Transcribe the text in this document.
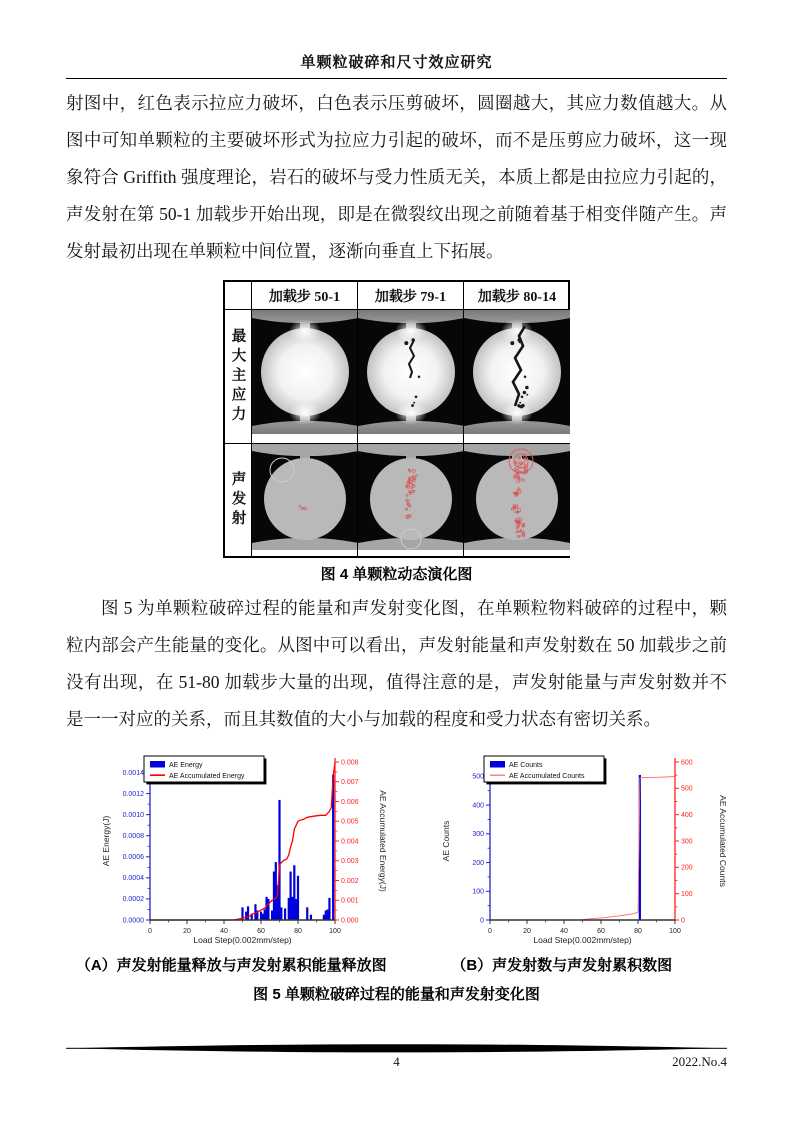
单颗粒破碎和尺寸效应研究

射图中，红色表示拉应力破坏，白色表示压剪破坏，圆圈越大，其应力数值越大。从图中可知单颗粒的主要破坏形式为拉应力引起的破坏，而不是压剪应力破坏，这一现象符合 Griffith 强度理论，岩石的破坏与受力性质无关，本质上都是由拉应力引起的，声发射在第 50-1 加载步开始出现，即是在微裂纹出现之前随着基于相变伴随产生。声发射最初出现在单颗粒中间位置，逐渐向垂直上下拓展。

加载步 50-1	加载步 79-1	加载步 80-14
最大主应力
声发射
图 4 单颗粒动态演化图

图 5 为单颗粒破碎过程的能量和声发射变化图，在单颗粒物料破碎的过程中，颗粒内部会产生能量的变化。从图中可以看出，声发射能量和声发射数在 50 加载步之前没有出现，在 51-80 加载步大量的出现，值得注意的是，声发射能量与声发射数并不是一一对应的关系，而且其数值的大小与加载的程度和受力状态有密切关系。

0.0000
0.0002
0.0004
0.0006
0.0008
0.0010
0.0012
0.0014
0.000
0.001
0.002
0.003
0.004
0.005
0.006
0.007
0.008
0	20	40	60	80	100
Load Step(0.002mm/step)
AE Energy(J)	AE Accumulated Energy(J)
AE Energy
AE Accumulated Energy
0
100
200
300
400
500
0
100
200
300
400
500
600
0	20	40	60	80	100
Load Step(0.002mm/step)
AE Counts	AE Accumulated Counts
AE Counts
AE Accumulated Counts
（A）声发射能量释放与声发射累积能量释放图	（B）声发射数与声发射累积数图
图 5 单颗粒破碎过程的能量和声发射变化图
4	2022.No.4
